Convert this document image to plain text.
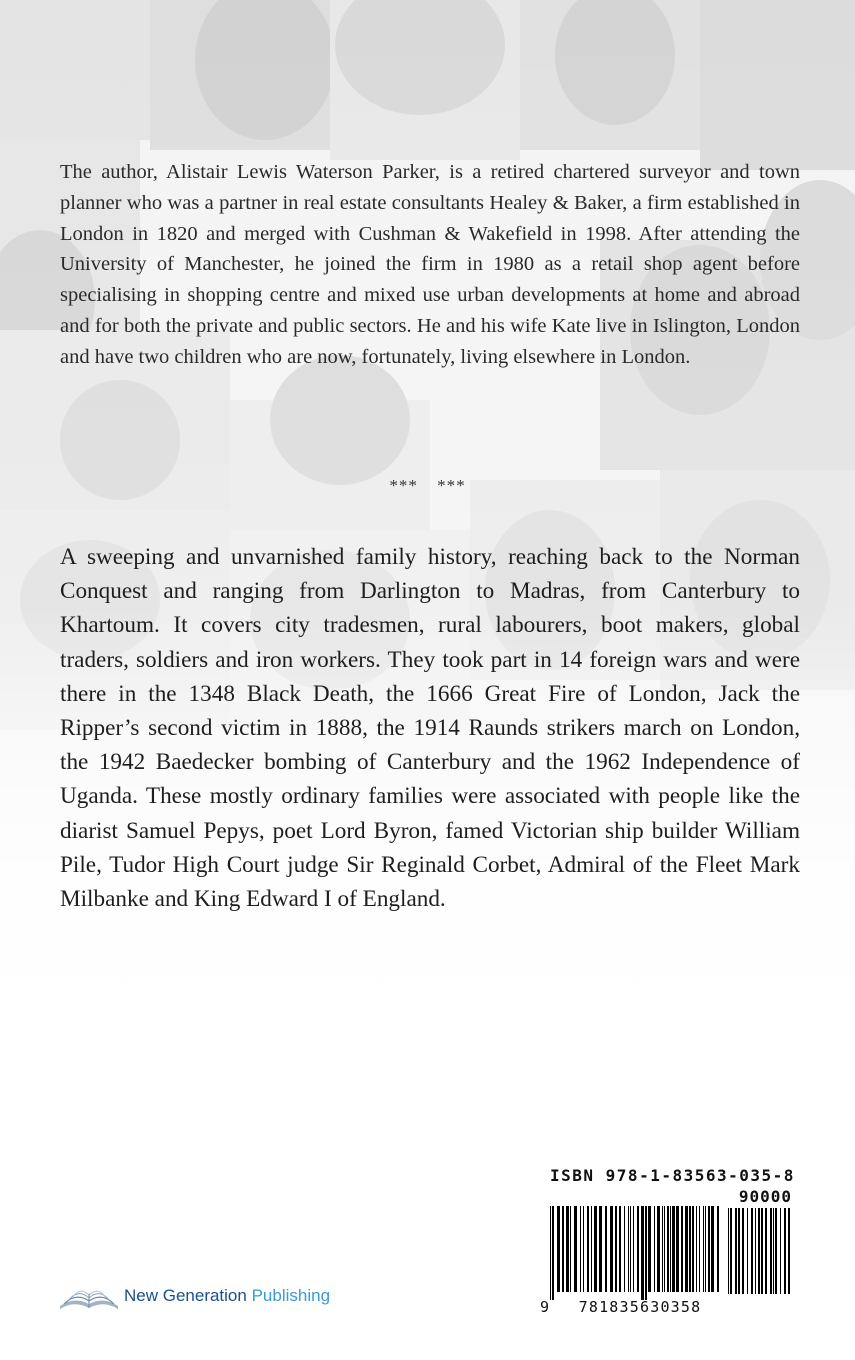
The author, Alistair Lewis Waterson Parker, is a retired chartered surveyor and town planner who was a partner in real estate consultants Healey & Baker, a firm established in London in 1820 and merged with Cushman & Wakefield in 1998. After attending the University of Manchester, he joined the firm in 1980 as a retail shop agent before specialising in shopping centre and mixed use urban developments at home and abroad and for both the private and public sectors. He and his wife Kate live in Islington, London and have two children who are now, fortunately, living elsewhere in London.

*** ***

A sweeping and unvarnished family history, reaching back to the Norman Conquest and ranging from Darlington to Madras, from Canterbury to Khartoum. It covers city tradesmen, rural labourers, boot makers, global traders, soldiers and iron workers. They took part in 14 foreign wars and were there in the 1348 Black Death, the 1666 Great Fire of London, Jack the Ripper’s second victim in 1888, the 1914 Raunds strikers march on London, the 1942 Baedecker bombing of Canterbury and the 1962 Independence of Uganda. These mostly ordinary families were associated with people like the diarist Samuel Pepys, poet Lord Byron, famed Victorian ship builder William Pile, Tudor High Court judge Sir Reginald Corbet, Admiral of the Fleet Mark Milbanke and King Edward I of England.

New Generation Publishing
ISBN 978-1-83563-035-8
90000
9	781835630358
